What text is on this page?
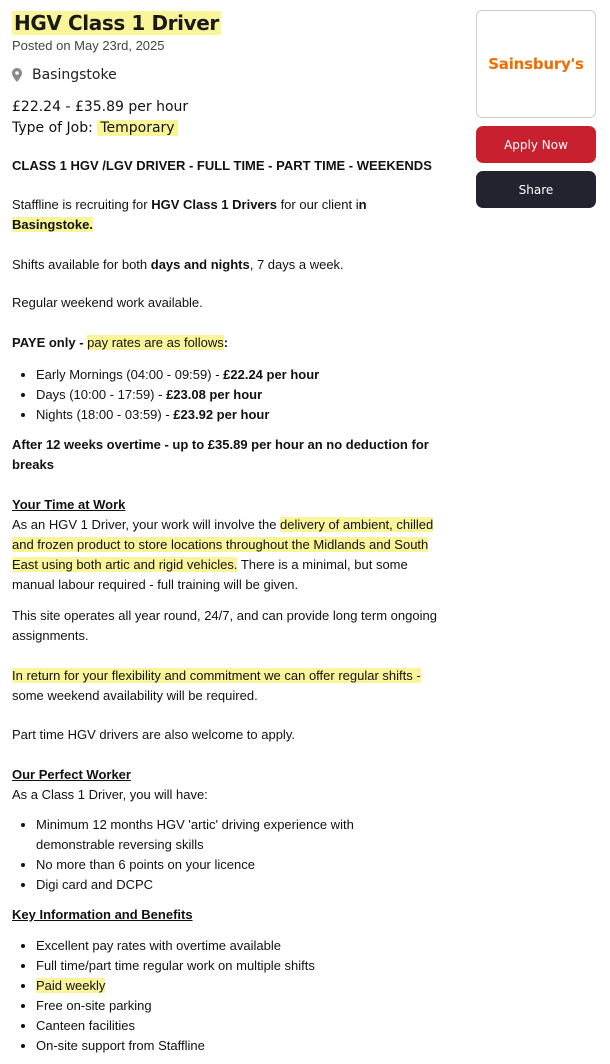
HGV Class 1 Driver
Posted on May 23rd, 2025
Basingstoke
£22.24 - £35.89 per hour
Type of Job: Temporary

CLASS 1 HGV /LGV DRIVER - FULL TIME - PART TIME - WEEKENDS

Staffline is recruiting for HGV Class 1 Drivers for our client in
Basingstoke.

Shifts available for both days and nights, 7 days a week.

Regular weekend work available.

PAYE only - pay rates are as follows:

• Early Mornings (04:00 - 09:59) - £22.24 per hour
• Days (10:00 - 17:59) - £23.08 per hour
• Nights (18:00 - 03:59) - £23.92 per hour

After 12 weeks overtime - up to £35.89 per hour an no deduction for breaks

Your Time at Work

As an HGV 1 Driver, your work will involve the delivery of ambient, chilled and frozen product to store locations throughout the Midlands and South East using both artic and rigid vehicles. There is a minimal, but some manual labour required - full training will be given.

This site operates all year round, 24/7, and can provide long term ongoing assignments.

In return for your flexibility and commitment we can offer regular shifts - some weekend availability will be required.

Part time HGV drivers are also welcome to apply.

Our Perfect Worker

As a Class 1 Driver, you will have:

• Minimum 12 months HGV 'artic' driving experience with demonstrable reversing skills
• No more than 6 points on your licence
• Digi card and DCPC

Key Information and Benefits

• Excellent pay rates with overtime available
• Full time/part time regular work on multiple shifts
• Paid weekly
• Free on-site parking
• Canteen facilities
• On-site support from Staffline
Sainsbury's
Apply Now
Share
